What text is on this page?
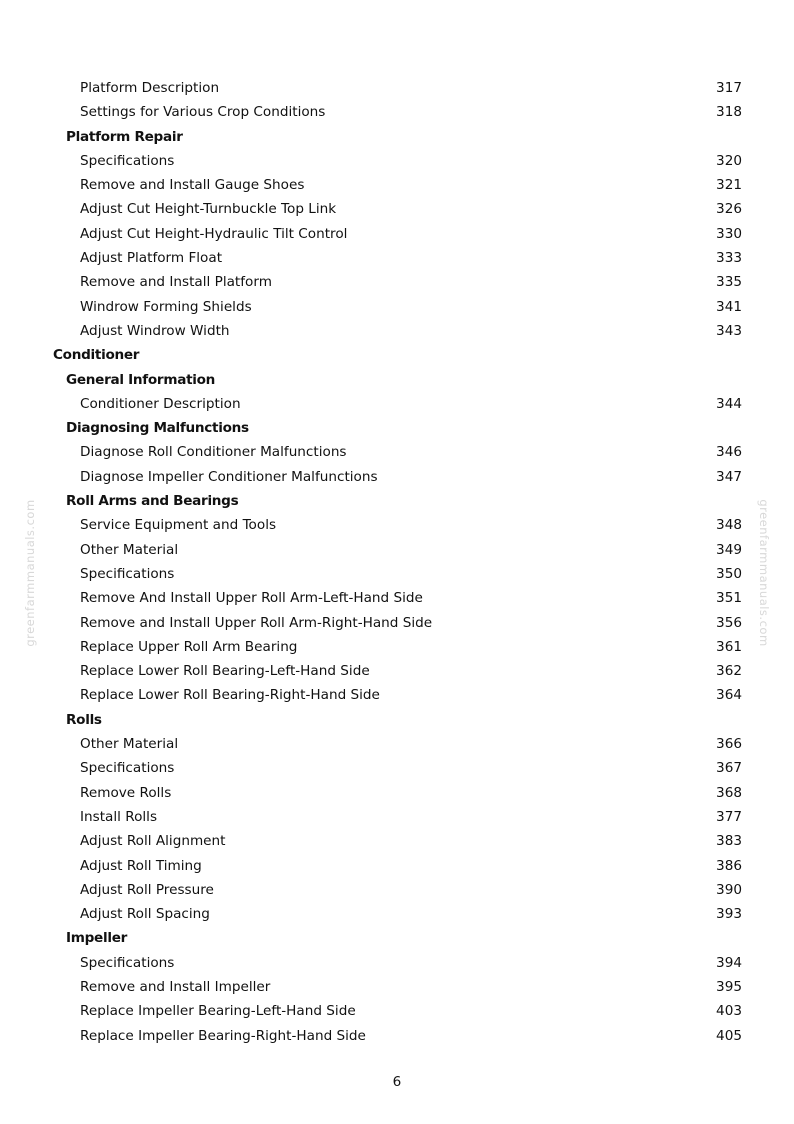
Platform Description	317
Settings for Various Crop Conditions	318
Platform Repair
Specifications	320
Remove and Install Gauge Shoes	321
Adjust Cut Height-Turnbuckle Top Link	326
Adjust Cut Height-Hydraulic Tilt Control	330
Adjust Platform Float	333
Remove and Install Platform	335
Windrow Forming Shields	341
Adjust Windrow Width	343
Conditioner
General Information
Conditioner Description	344
Diagnosing Malfunctions
Diagnose Roll Conditioner Malfunctions	346
Diagnose Impeller Conditioner Malfunctions	347
Roll Arms and Bearings
Service Equipment and Tools	348
Other Material	349
Specifications	350
Remove And Install Upper Roll Arm-Left-Hand Side	351
Remove and Install Upper Roll Arm-Right-Hand Side	356
Replace Upper Roll Arm Bearing	361
Replace Lower Roll Bearing-Left-Hand Side	362
Replace Lower Roll Bearing-Right-Hand Side	364
Rolls
Other Material	366
Specifications	367
Remove Rolls	368
Install Rolls	377
Adjust Roll Alignment	383
Adjust Roll Timing	386
Adjust Roll Pressure	390
Adjust Roll Spacing	393
Impeller
Specifications	394
Remove and Install Impeller	395
Replace Impeller Bearing-Left-Hand Side	403
Replace Impeller Bearing-Right-Hand Side	405
greenfarmmanuals.com	greenfarmmanuals.com
6
